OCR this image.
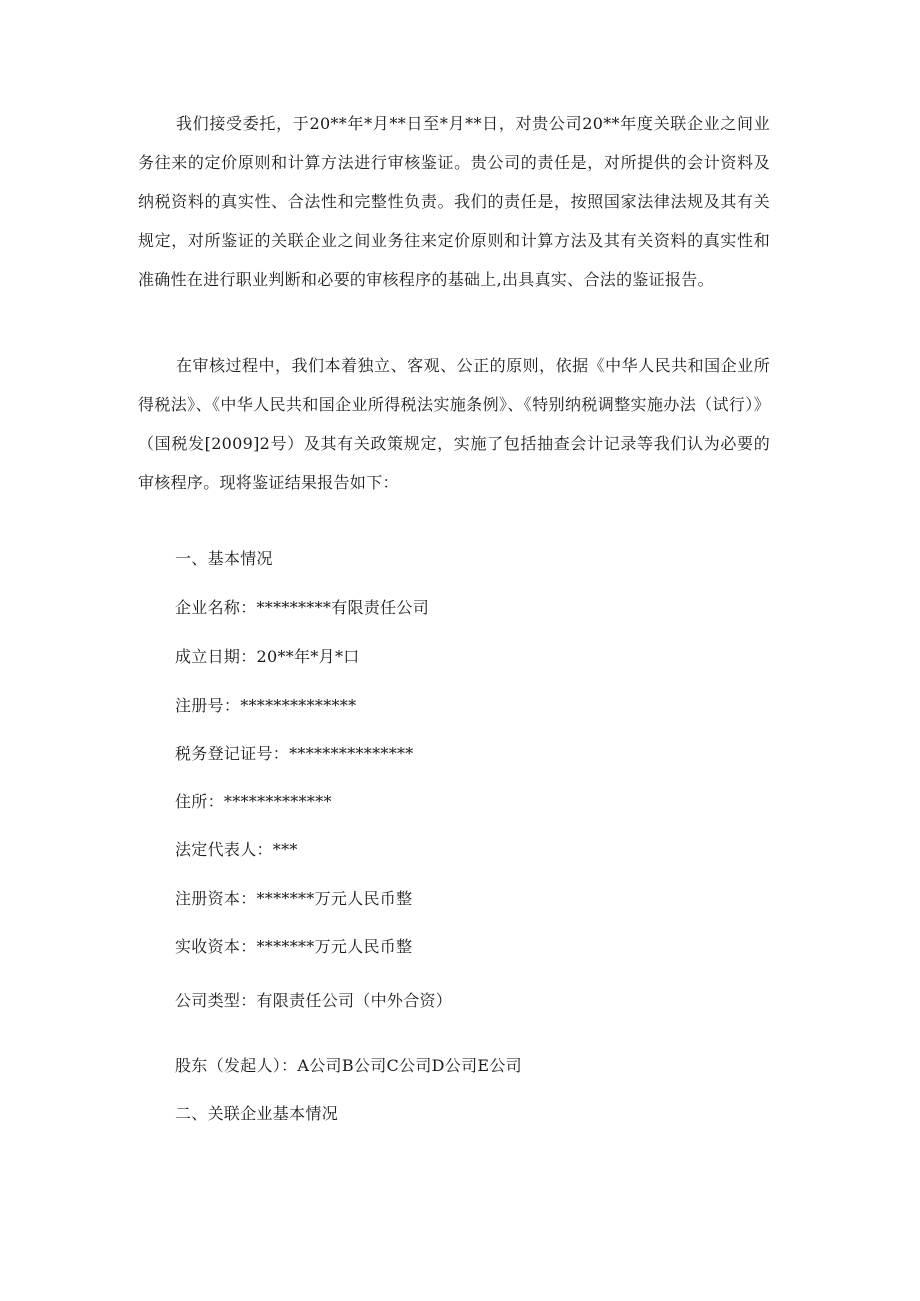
我们接受委托，于20**年*月**日至*月**日，对贵公司20**年度关联企业之间业务往来的定价原则和计算方法进行审核鉴证。贵公司的责任是，对所提供的会计资料及纳税资料的真实性、合法性和完整性负责。我们的责任是，按照国家法律法规及其有关规定，对所鉴证的关联企业之间业务往来定价原则和计算方法及其有关资料的真实性和准确性在进行职业判断和必要的审核程序的基础上,出具真实、合法的鉴证报告。

在审核过程中，我们本着独立、客观、公正的原则，依据《中华人民共和国企业所得税法》、《中华人民共和国企业所得税法实施条例》、《特别纳税调整实施办法（试行）》（国税发[2009]2号）及其有关政策规定，实施了包括抽查会计记录等我们认为必要的审核程序。现将鉴证结果报告如下：

一、基本情况

企业名称：*********有限责任公司

成立日期：20**年*月*口

注册号：**************

税务登记证号：***************

住所：*************

法定代表人：***

注册资本：*******万元人民币整

实收资本：*******万元人民币整

公司类型：有限责任公司（中外合资）

股东（发起人）：A公司B公司C公司D公司E公司

二、关联企业基本情况
